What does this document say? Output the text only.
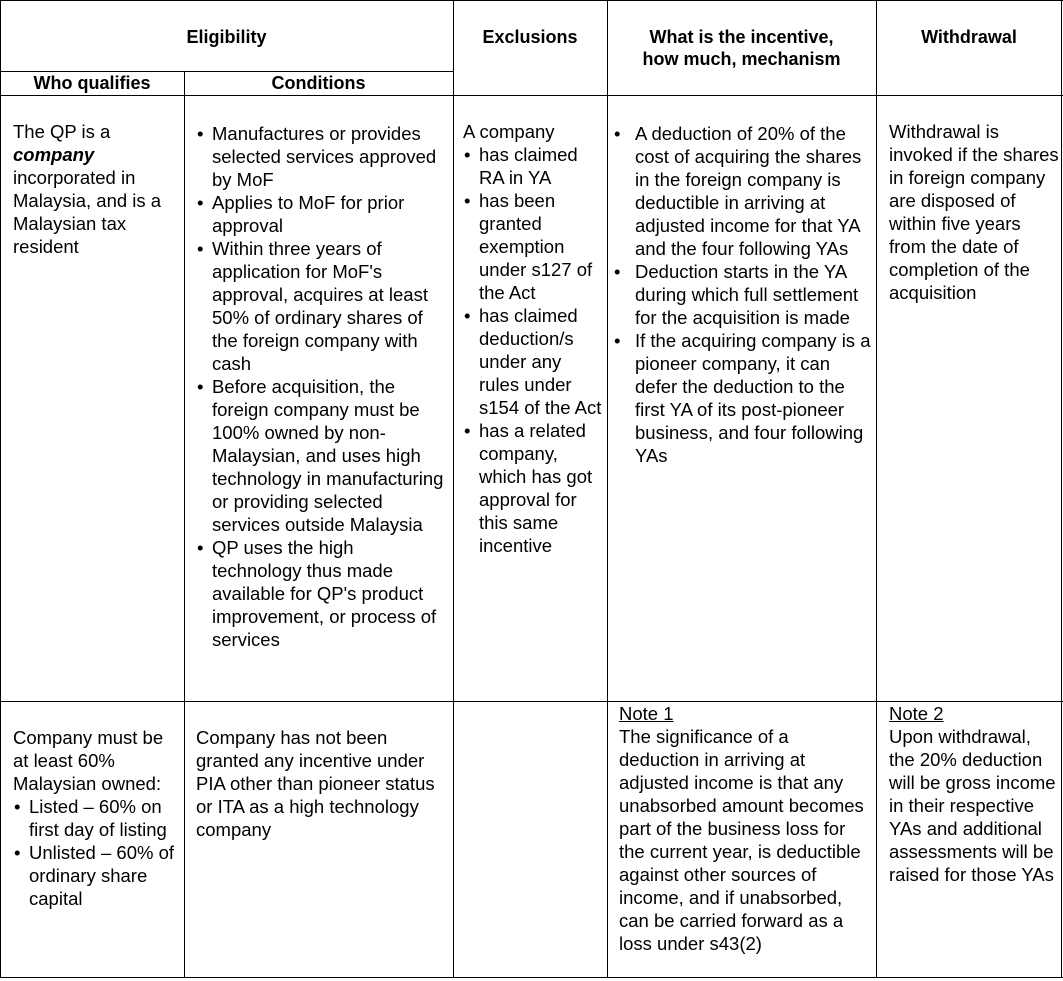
Eligibility
Who qualifies	Conditions
Exclusions	What is the incentive,
how much, mechanism
Withdrawal
The QP is a
company
incorporated in Malaysia, and is a Malaysian tax resident
• Manufactures or provides selected services approved by MoF
• Applies to MoF for prior approval
• Within three years of application for MoF's approval, acquires at least 50% of ordinary shares of the foreign company with cash
• Before acquisition, the foreign company must be 100% owned by non-Malaysian, and uses high technology in manufacturing or providing selected services outside Malaysia
• QP uses the high technology thus made available for QP's product improvement, or process of services
A company
• has claimed RA in YA
• has been granted exemption under s127 of the Act
• has claimed deduction/s under any rules under s154 of the Act
• has a related company, which has got approval for this same incentive
• A deduction of 20% of the cost of acquiring the shares in the foreign company is deductible in arriving at adjusted income for that YA and the four following YAs
• Deduction starts in the YA during which full settlement for the acquisition is made
• If the acquiring company is a pioneer company, it can defer the deduction to the first YA of its post-pioneer business, and four following YAs
Withdrawal is invoked if the shares in foreign company are disposed of within five years from the date of completion of the acquisition
Company must be at least 60% Malaysian owned:
• Listed – 60% on first day of listing
• Unlisted – 60% of ordinary share capital
Company has not been granted any incentive under PIA other than pioneer status or ITA as a high technology company
Note 1
The significance of a deduction in arriving at adjusted income is that any unabsorbed amount becomes part of the business loss for the current year, is deductible against other sources of income, and if unabsorbed, can be carried forward as a loss under s43(2)
Note 2
Upon withdrawal, the 20% deduction will be gross income in their respective YAs and additional assessments will be raised for those YAs
